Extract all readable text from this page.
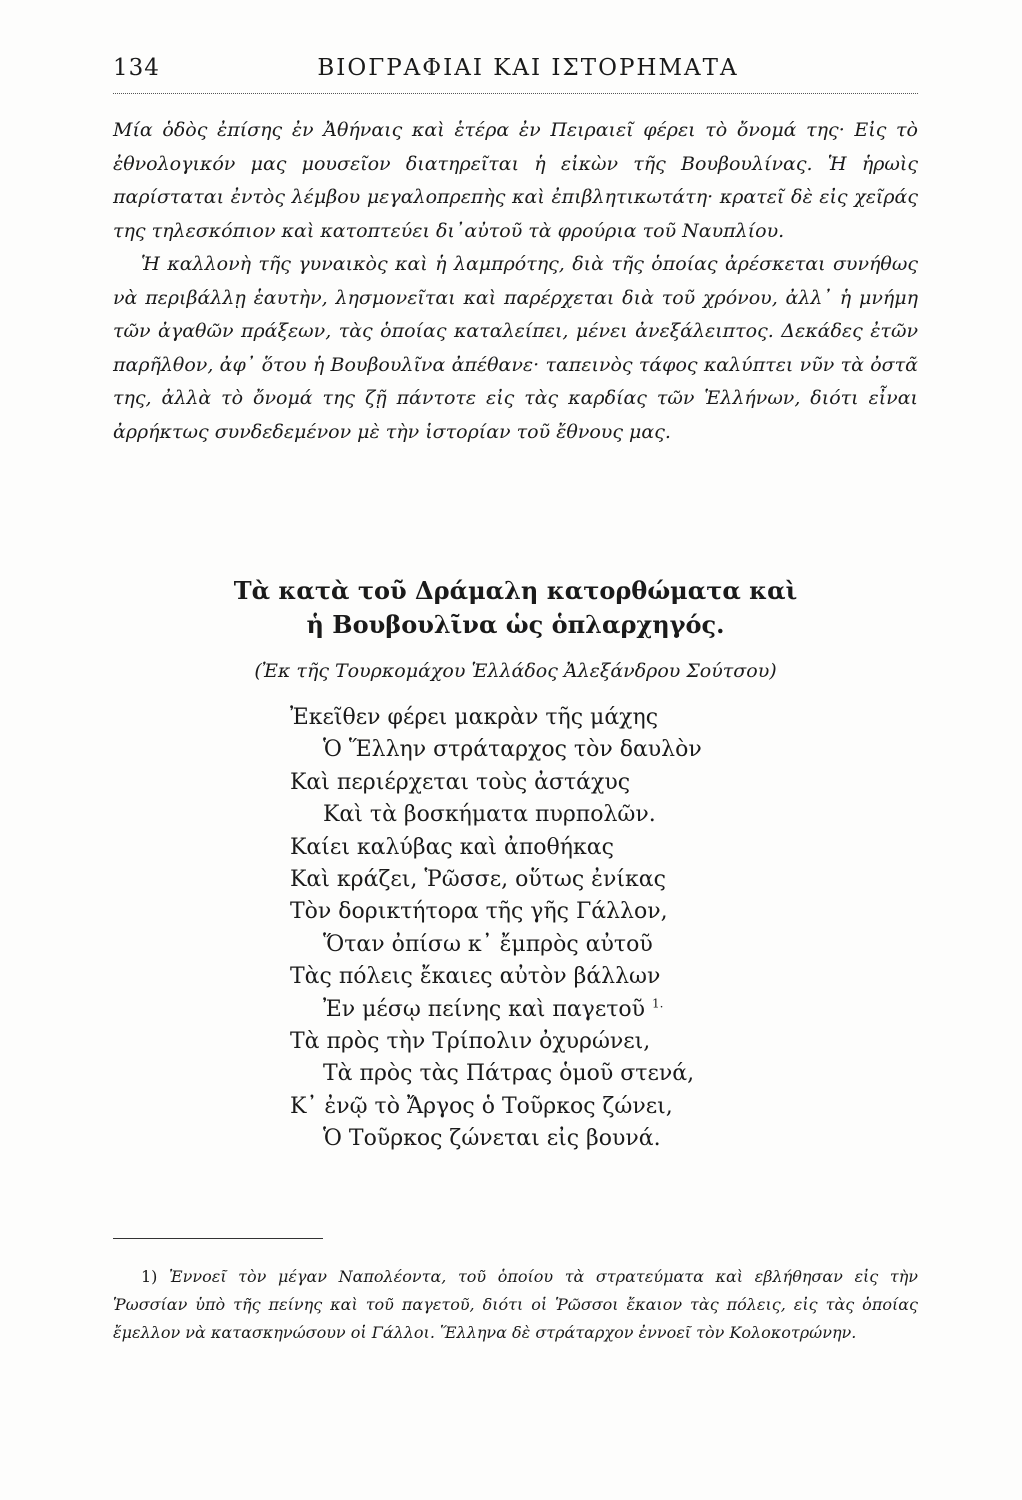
134	ΒΙΟΓΡΑΦΙΑΙ ΚΑΙ ΙΣΤΟΡΗΜΑΤΑ

Μία ὁδὸς ἐπίσης ἐν Ἀθήναις καὶ ἑτέρα ἐν Πειραιεῖ φέρει τὸ ὄνομά της· Εἰς τὸ ἐθνολογικόν μας μουσεῖον διατηρεῖται ἡ εἰκὼν τῆς Βουβουλίνας. Ἡ ἡρωὶς παρίσταται ἐντὸς λέμβου μεγαλοπρεπὴς καὶ ἐπιβλητικωτάτη· κρατεῖ δὲ εἰς χεῖράς της τηλεσκόπιον καὶ κατοπτεύει δι᾽αὐτοῦ τὰ φρούρια τοῦ Ναυπλίου.

Ἡ καλλονὴ τῆς γυναικὸς καὶ ἡ λαμπρότης, διὰ τῆς ὁποίας ἀρέσκεται συνήθως νὰ περιβάλλῃ ἑαυτὴν, λησμονεῖται καὶ παρέρχεται διὰ τοῦ χρόνου, ἀλλ᾽ ἡ μνήμη τῶν ἀγαθῶν πράξεων, τὰς ὁποίας καταλείπει, μένει ἀνεξάλειπτος. Δεκάδες ἐτῶν παρῆλθον, ἀφ᾽ ὅτου ἡ Βουβουλῖνα ἀπέθανε· ταπεινὸς τάφος καλύπτει νῦν τὰ ὀστᾶ της, ἀλλὰ τὸ ὄνομά της ζῇ πάντοτε εἰς τὰς καρδίας τῶν Ἑλλήνων, διότι εἶναι ἀρρήκτως συνδεδεμένον μὲ τὴν ἱστορίαν τοῦ ἔθνους μας.

Τὰ κατὰ τοῦ Δράμαλη κατορθώματα καὶ
ἡ Βουβουλῖνα ὡς ὁπλαρχηγός.
(Ἐκ τῆς Τουρκομάχου Ἑλλάδος Ἀλεξάνδρου Σούτσου)
Ἐκεῖθεν φέρει μακρὰν τῆς μάχης
Ὁ Ἕλλην στράταρχος τὸν δαυλὸν
Καὶ περιέρχεται τοὺς ἀστάχυς
Καὶ τὰ βοσκήματα πυρπολῶν.
Καίει καλύβας καὶ ἀποθήκας
Καὶ κράζει, Ῥῶσσε, οὕτως ἐνίκας
Τὸν δορικτήτορα τῆς γῆς Γάλλον,
Ὅταν ὀπίσω κ᾽ ἔμπρὸς αὐτοῦ
Τὰς πόλεις ἔκαιες αὐτὸν βάλλων
Ἐν μέσῳ πείνης καὶ παγετοῦ $^{1.}$
Τὰ πρὸς τὴν Τρίπολιν ὀχυρώνει,
Τὰ πρὸς τὰς Πάτρας ὁμοῦ στενά,
Κ᾽ ἐνῷ τὸ Ἄργος ὁ Τοῦρκος ζώνει,
Ὁ Τοῦρκος ζώνεται εἰς βουνά.
1) Ἐννοεῖ τὸν μέγαν Ναπολέοντα, τοῦ ὁποίου τὰ στρατεύματα καὶ εβλήθησαν εἰς τὴν Ῥωσσίαν ὑπὸ τῆς πείνης καὶ τοῦ παγετοῦ, διότι οἱ Ῥῶσσοι ἔκαιον τὰς πόλεις, εἰς τὰς ὁποίας ἔμελλον νὰ κατασκηνώσουν οἱ Γάλλοι. Ἕλληνα δὲ στράταρχον ἐννοεῖ τὸν Κολοκοτρώνην.
